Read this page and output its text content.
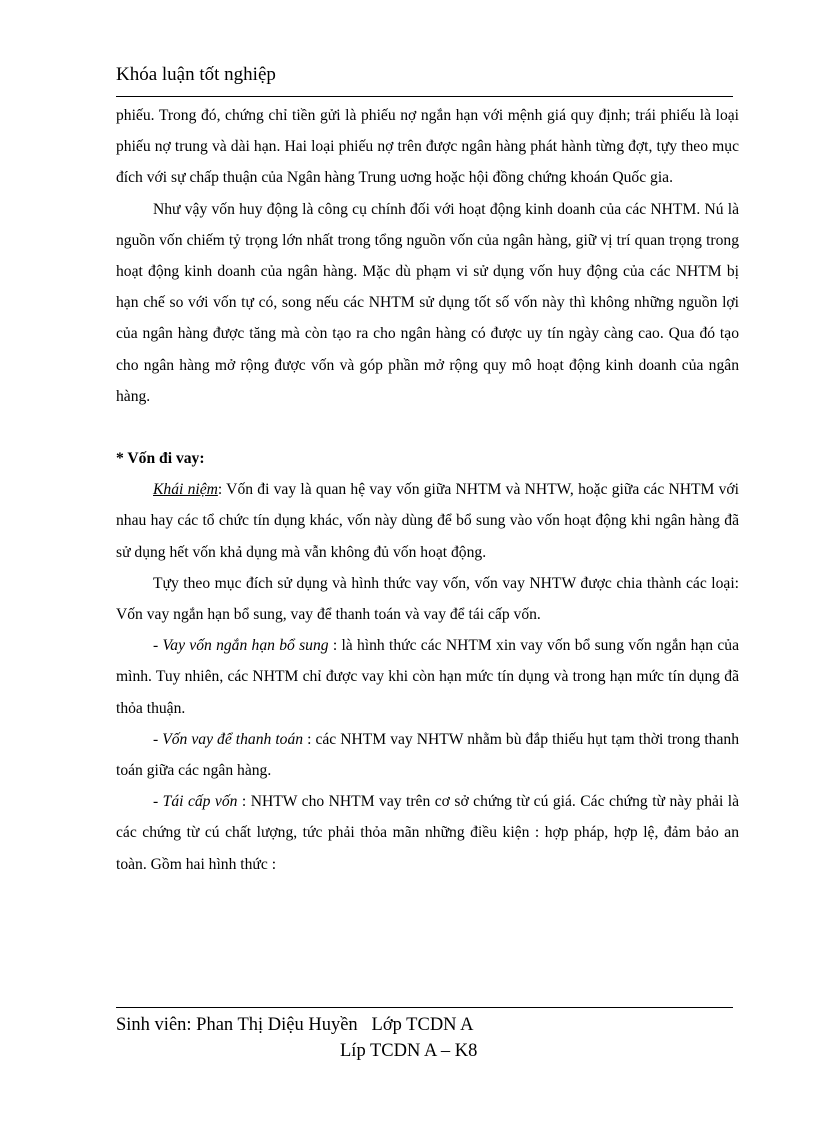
Khóa luận tốt nghiệp

phiếu. Trong đó, chứng chỉ tiền gửi là phiếu nợ ngắn hạn với mệnh giá quy định; trái phiếu là loại phiếu nợ trung và dài hạn. Hai loại phiếu nợ trên được ngân hàng phát hành từng đợt, tựy theo mục đích với sự chấp thuận của Ngân hàng Trung uơng hoặc hội đồng chứng khoán Quốc gia.

Như vậy vốn huy động là công cụ chính đối với hoạt động kinh doanh của các NHTM. Nú là nguồn vốn chiếm tỷ trọng lớn nhất trong tổng nguồn vốn của ngân hàng, giữ vị trí quan trọng trong hoạt động kinh doanh của ngân hàng. Mặc dù phạm vi sử dụng vốn huy động của các NHTM bị hạn chế so với vốn tự có, song nếu các NHTM sử dụng tốt số vốn này thì không những nguồn lợi của ngân hàng được tăng mà còn tạo ra cho ngân hàng có được uy tín ngày càng cao. Qua đó tạo cho ngân hàng mở rộng được vốn và góp phần mở rộng quy mô hoạt động kinh doanh của ngân hàng.

* Vốn đi vay:

Khái niệm: Vốn đi vay là quan hệ vay vốn giữa NHTM và NHTW, hoặc giữa các NHTM với nhau hay các tổ chức tín dụng khác, vốn này dùng để bổ sung vào vốn hoạt động khi ngân hàng đã sử dụng hết vốn khả dụng mà vẫn không đủ vốn hoạt động.

Tựy theo mục đích sử dụng và hình thức vay vốn, vốn vay NHTW được chia thành các loại: Vốn vay ngắn hạn bổ sung, vay để thanh toán và vay để tái cấp vốn.

- Vay vốn ngắn hạn bổ sung : là hình thức các NHTM xin vay vốn bổ sung vốn ngắn hạn của mình. Tuy nhiên, các NHTM chỉ được vay khi còn hạn mức tín dụng và trong hạn mức tín dụng đã thỏa thuận.

- Vốn vay để thanh toán : các NHTM vay NHTW nhằm bù đắp thiếu hụt tạm thời trong thanh toán giữa các ngân hàng.

- Tái cấp vốn : NHTW cho NHTM vay trên cơ sở chứng từ cú giá. Các chứng từ này phải là các chứng từ cú chất lượng, tức phải thỏa mãn những điều kiện : hợp pháp, hợp lệ, đảm bảo an toàn. Gồm hai hình thức :

Sinh viên: Phan Thị Diệu Huyền   Lớp TCDN A
Líp TCDN A – K8
